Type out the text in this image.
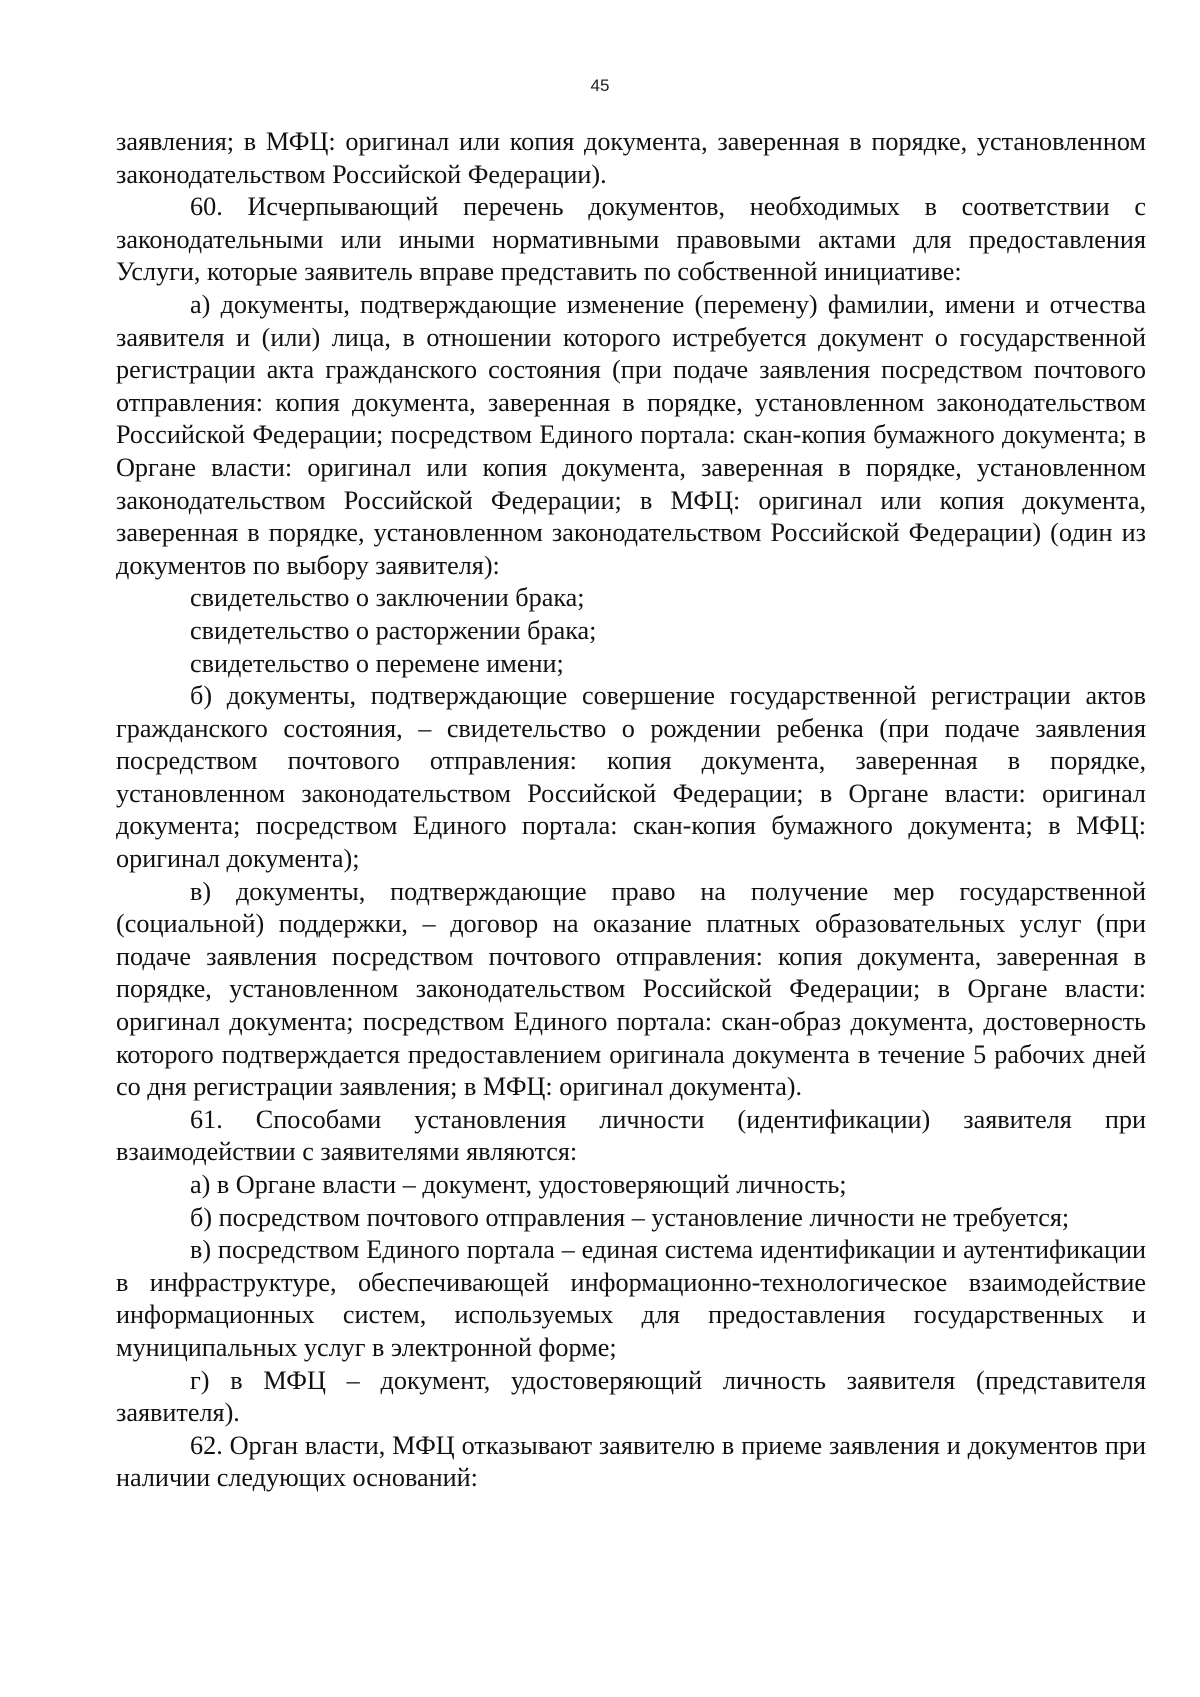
45

заявления; в МФЦ: оригинал или копия документа, заверенная в порядке, установленном законодательством Российской Федерации).

60. Исчерпывающий перечень документов, необходимых в соответствии с законодательными или иными нормативными правовыми актами для предоставления Услуги, которые заявитель вправе представить по собственной инициативе:

а) документы, подтверждающие изменение (перемену) фамилии, имени и отчества заявителя и (или) лица, в отношении которого истребуется документ о государственной регистрации акта гражданского состояния (при подаче заявления посредством почтового отправления: копия документа, заверенная в порядке, установленном законодательством Российской Федерации; посредством Единого портала: скан-копия бумажного документа; в Органе власти: оригинал или копия документа, заверенная в порядке, установленном законодательством Российской Федерации; в МФЦ: оригинал или копия документа, заверенная в порядке, установленном законодательством Российской Федерации) (один из документов по выбору заявителя):

свидетельство о заключении брака;

свидетельство о расторжении брака;

свидетельство о перемене имени;

б) документы, подтверждающие совершение государственной регистрации актов гражданского состояния, – свидетельство о рождении ребенка (при подаче заявления посредством почтового отправления: копия документа, заверенная в порядке, установленном законодательством Российской Федерации; в Органе власти: оригинал документа; посредством Единого портала: скан-копия бумажного документа; в МФЦ: оригинал документа);

в) документы, подтверждающие право на получение мер государственной (социальной) поддержки, – договор на оказание платных образовательных услуг (при подаче заявления посредством почтового отправления: копия документа, заверенная в порядке, установленном законодательством Российской Федерации; в Органе власти: оригинал документа; посредством Единого портала: скан-образ документа, достоверность которого подтверждается предоставлением оригинала документа в течение 5 рабочих дней со дня регистрации заявления; в МФЦ: оригинал документа).

61. Способами установления личности (идентификации) заявителя при взаимодействии с заявителями являются:

а) в Органе власти – документ, удостоверяющий личность;

б) посредством почтового отправления – установление личности не требуется;

в) посредством Единого портала – единая система идентификации и аутентификации в инфраструктуре, обеспечивающей информационно-технологическое взаимодействие информационных систем, используемых для предоставления государственных и муниципальных услуг в электронной форме;

г) в МФЦ – документ, удостоверяющий личность заявителя (представителя заявителя).

62. Орган власти, МФЦ отказывают заявителю в приеме заявления и документов при наличии следующих оснований:
